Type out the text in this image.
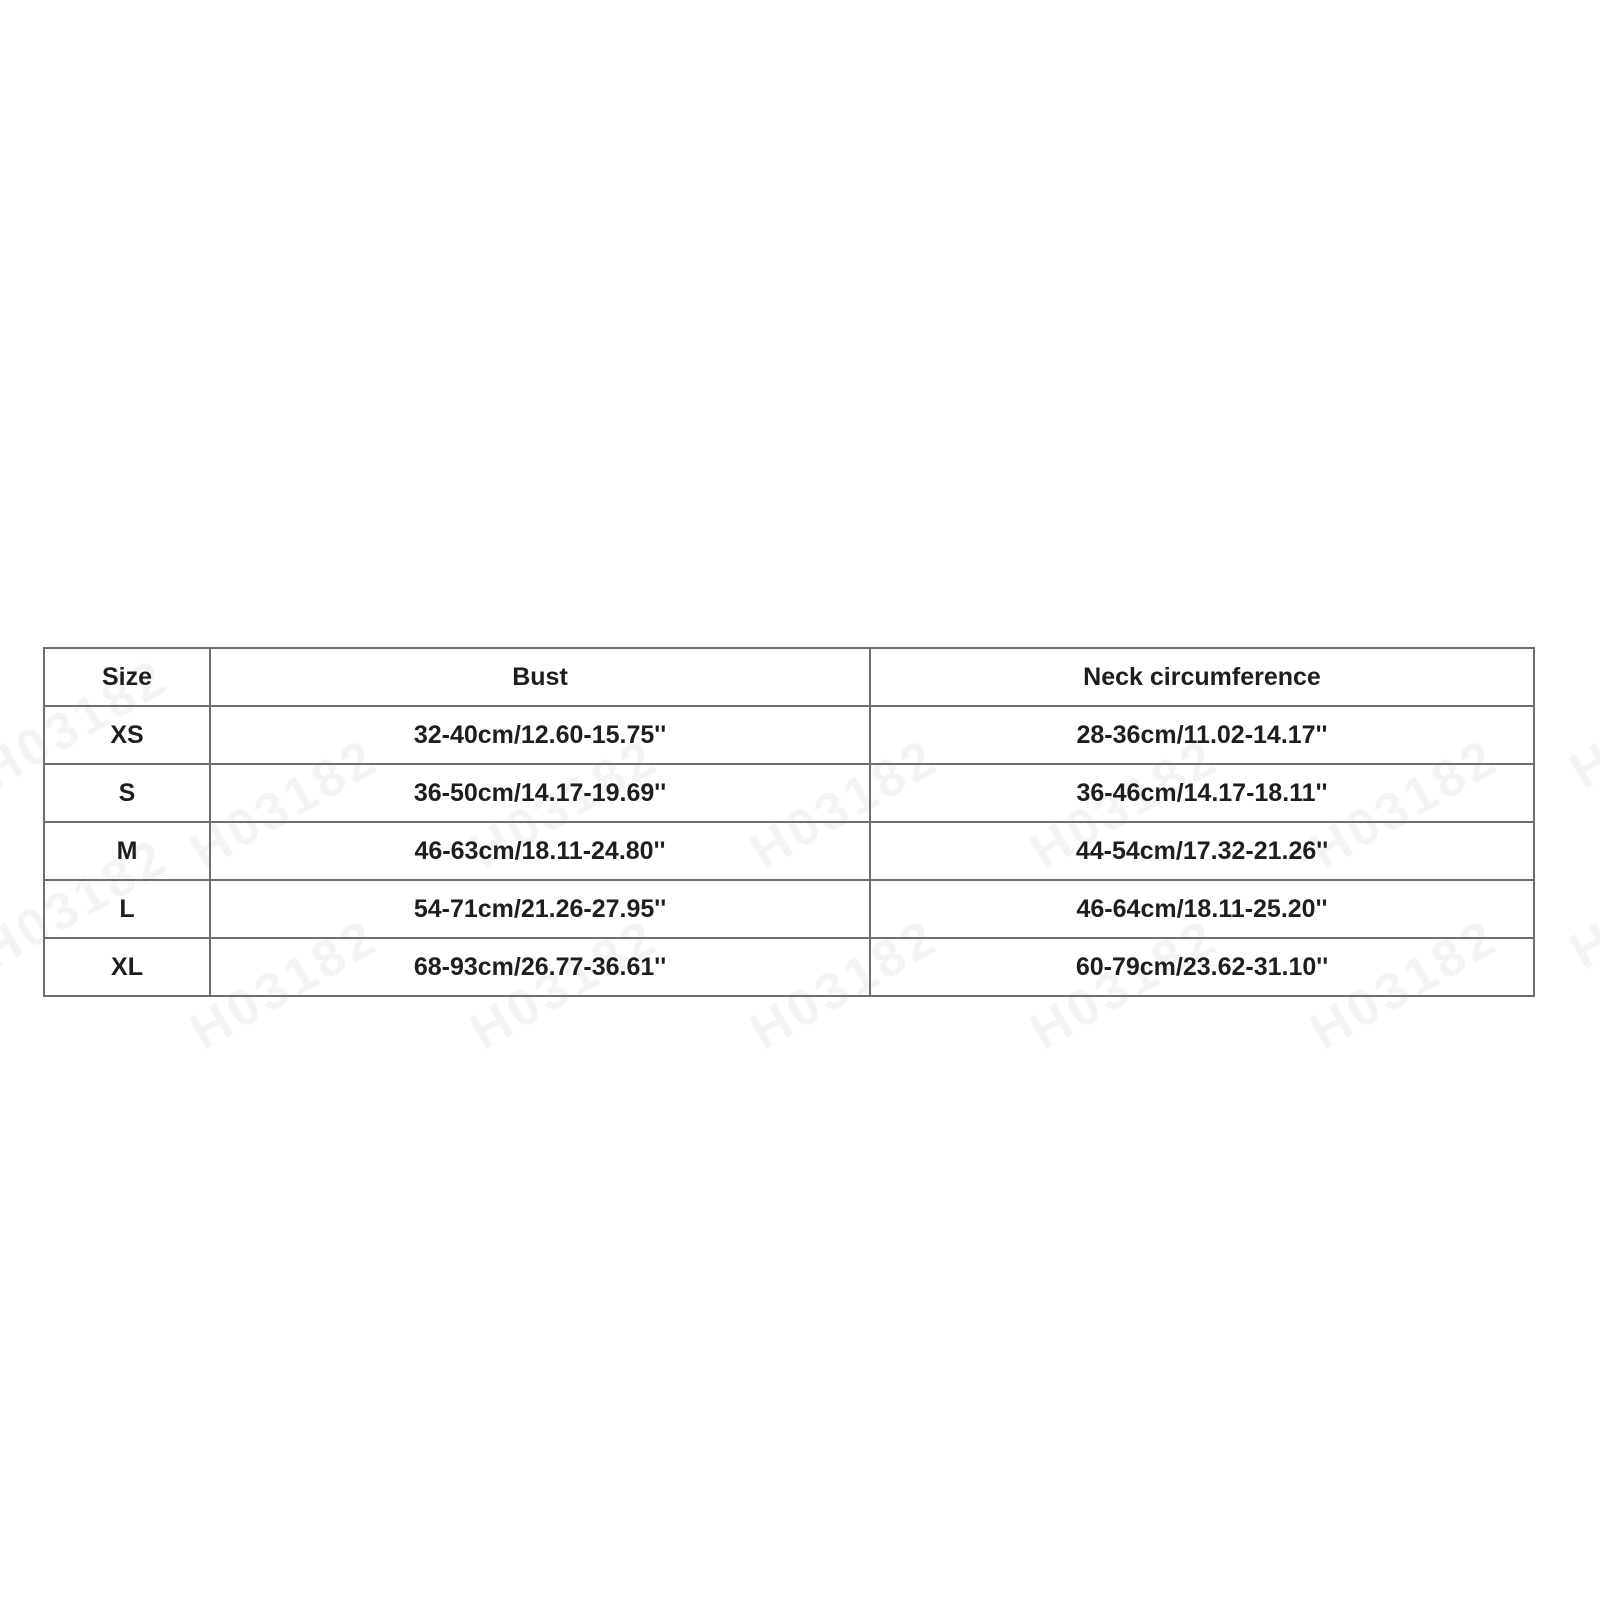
Size	Bust	Neck circumference
XS	32-40cm/12.60-15.75''	28-36cm/11.02-14.17''
S	36-50cm/14.17-19.69''	36-46cm/14.17-18.11''
M	46-63cm/18.11-24.80''	44-54cm/17.32-21.26''
L	54-71cm/21.26-27.95''	46-64cm/18.11-25.20''
XL	68-93cm/26.77-36.61''	60-79cm/23.62-31.10''
